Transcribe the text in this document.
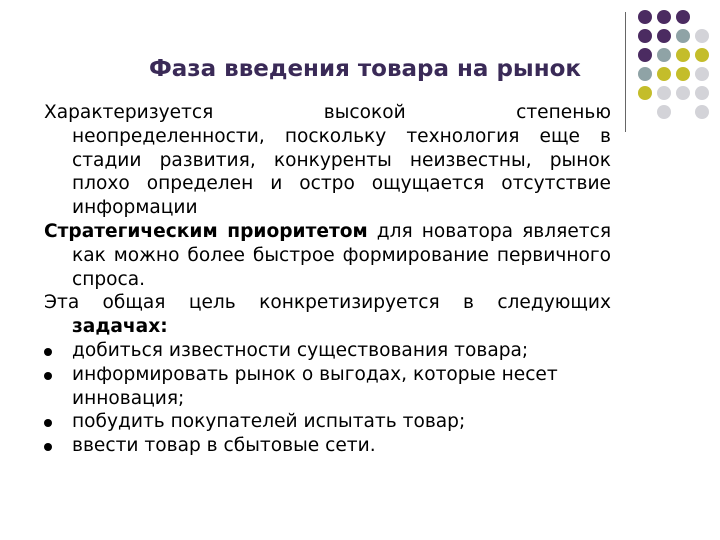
Фаза введения товара на рынок
Характеризуется высокой степенью
неопределенности, поскольку технология еще в стадии развития, конкуренты неизвестны, рынок плохо определен и остро ощущается отсутствие информации
Стратегическим приоритетом для новатора является как можно более быстрое формирование первичного спроса.
Эта общая цель конкретизируется в следующих задачах:
добиться известности существования товара;
информировать рынок о выгодах, которые несет инновация;
побудить покупателей испытать товар;
ввести товар в сбытовые сети.
